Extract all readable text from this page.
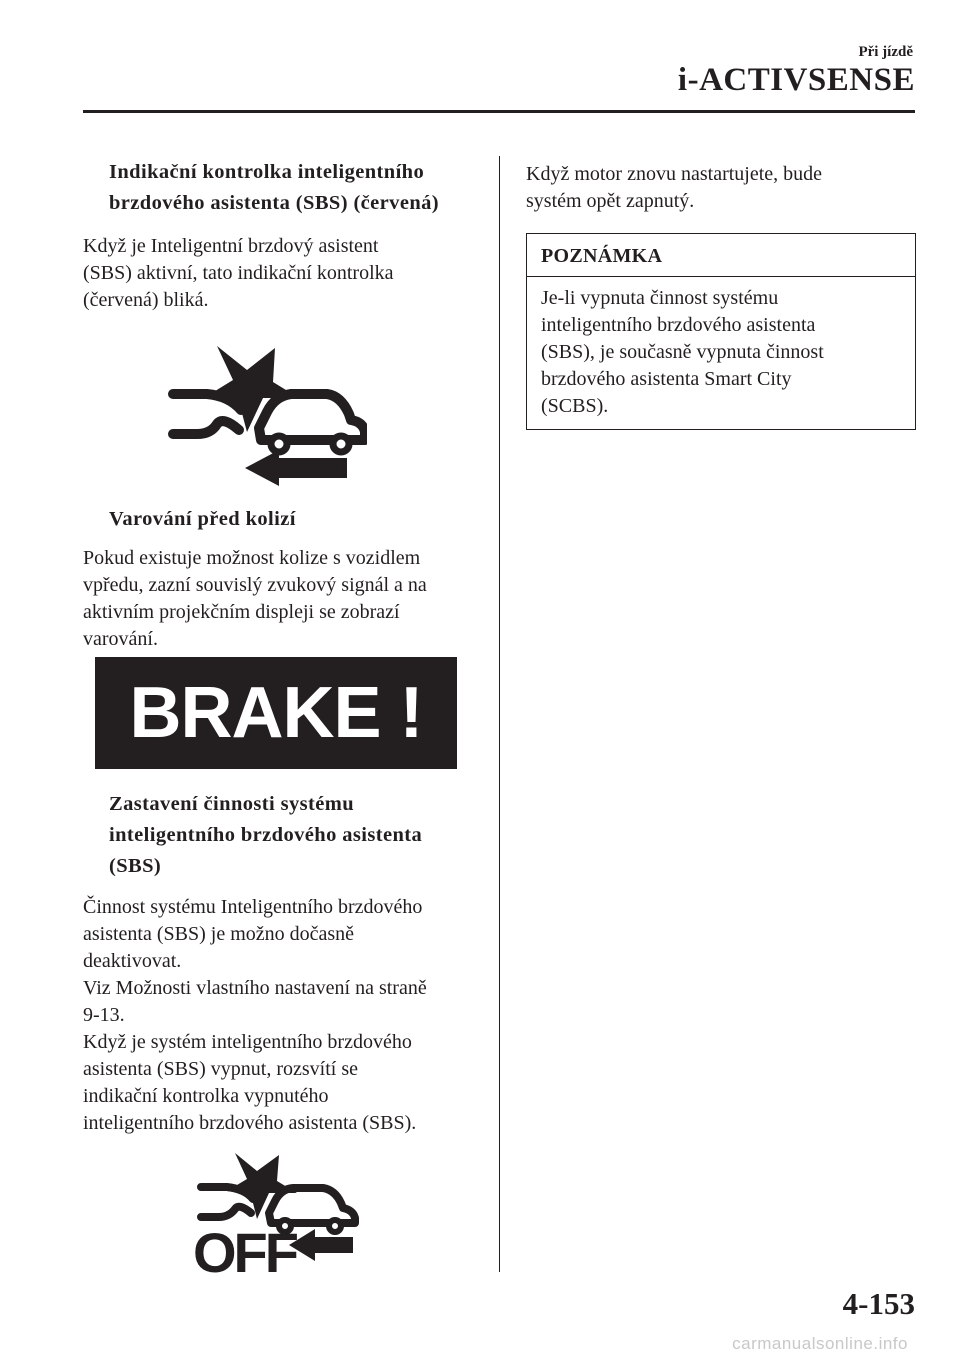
Při jízdě
i-ACTIVSENSE
Indikační kontrolka inteligentního
brzdového asistenta (SBS) (červená)

Když je Inteligentní brzdový asistent
(SBS) aktivní, tato indikační kontrolka
(červená) bliká.

Varování před kolizí

Pokud existuje možnost kolize s vozidlem
vpředu, zazní souvislý zvukový signál a na
aktivním projekčním displeji se zobrazí
varování.

BRAKE !
Zastavení činnosti systému
inteligentního brzdového asistenta
(SBS)

Činnost systému Inteligentního brzdového
asistenta (SBS) je možno dočasně
deaktivovat.
Viz Možnosti vlastního nastavení na straně
9-13.
Když je systém inteligentního brzdového
asistenta (SBS) vypnut, rozsvítí se
indikační kontrolka vypnutého
inteligentního brzdového asistenta (SBS).

OFF

Když motor znovu nastartujete, bude
systém opět zapnutý.

POZNÁMKA
Je-li vypnuta činnost systému
inteligentního brzdového asistenta
(SBS), je současně vypnuta činnost
brzdového asistenta Smart City
(SCBS).
4-153
carmanualsonline.info
